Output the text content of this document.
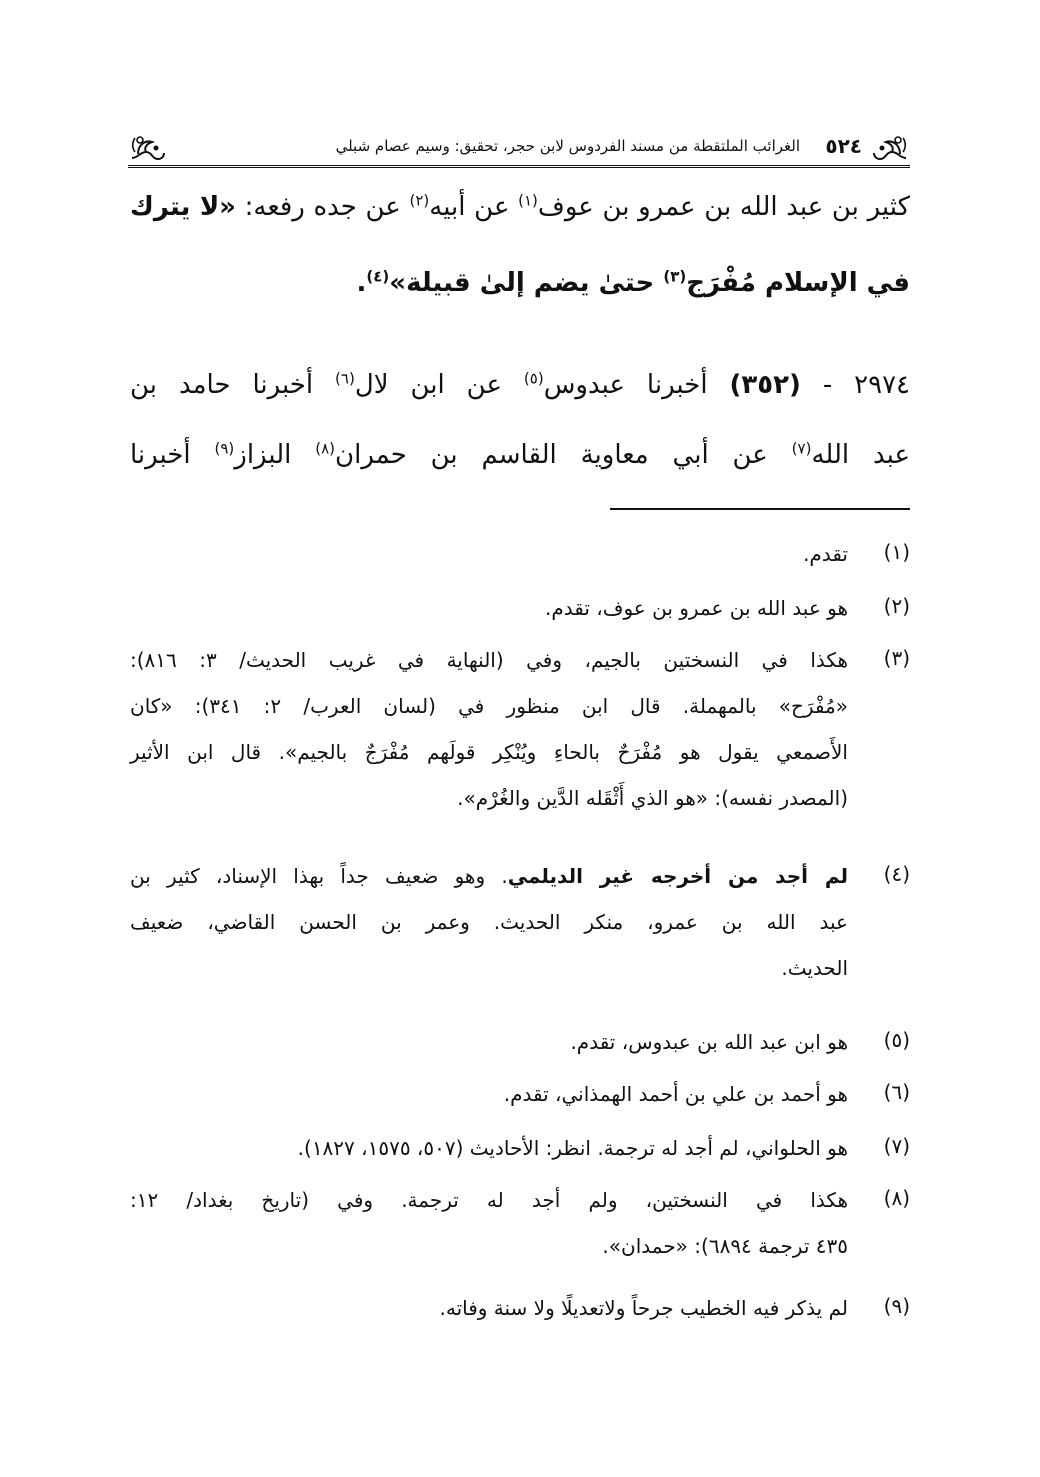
٥٢٤
الغرائب الملتقطة من مسند الفردوس لابن حجر، تحقيق: وسيم عصام شبلي
كثير بن عبد الله بن عمرو بن عوف$^{(١)}$ عن أبيه$^{(٢)}$ عن جده رفعه: «لا يترك
في الإسلام مُفْرَج$^{(٣)}$ حتىٰ يضم إلىٰ قبيلة»$^{(٤)}$.
٢٩٧٤ - (٣٥٢) أخبرنا عبدوس$^{(٥)}$ عن ابن لال$^{(٦)}$ أخبرنا حامد بن
عبد الله$^{(٧)}$ عن أبي معاوية القاسم بن حمران$^{(٨)}$ البزاز$^{(٩)}$ أخبرنا
(١)
تقدم.
(٢)
هو عبد الله بن عمرو بن عوف، تقدم.
(٣)
هكذا في النسختين بالجيم، وفي (النهاية في غريب الحديث/ ٣: ٨١٦):
«مُفْرَح» بالمهملة. قال ابن منظور في (لسان العرب/ ٢: ٣٤١): «كان
الأَصمعي يقول هو مُفْرَحٌ بالحاءِ ويُنْكِر قولَهم مُفْرَجٌ بالجيم». قال ابن الأثير
(المصدر نفسه): «هو الذي أَثْقَله الدَّين والغُرْم».
(٤)
لم أجد من أخرجه غير الديلمي. وهو ضعيف جداً بهذا الإسناد، كثير بن
عبد الله بن عمرو، منكر الحديث. وعمر بن الحسن القاضي، ضعيف
الحديث.
(٥)
هو ابن عبد الله بن عبدوس، تقدم.
(٦)
هو أحمد بن علي بن أحمد الهمذاني، تقدم.
(٧)
هو الحلواني، لم أجد له ترجمة. انظر: الأحاديث (٥٠٧، ١٥٧٥، ١٨٢٧).
(٨)
هكذا في النسختين، ولم أجد له ترجمة. وفي (تاريخ بغداد/ ١٢:
٤٣٥ ترجمة ٦٨٩٤): «حمدان».
(٩)
لم يذكر فيه الخطيب جرحاً ولاتعديلًا ولا سنة وفاته.
